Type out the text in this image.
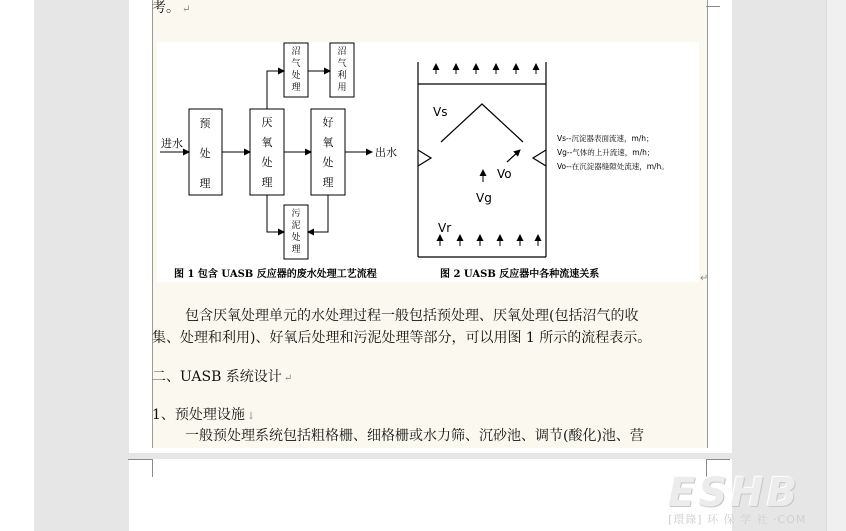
考。 ↵

进水
出水
预
处
理
厌
氧
处
理
好
氧
处
理
沼
气
处
理
沼
气
利
用
污
泥
处
理
Vs
Vo
Vg
Vr
Vs--沉淀器表面流速，m/h；
Vg--气体的上升流速，m/h；
Vo--在沉淀器缝隙处流速，m/h。
图 1 包含 UASB 反应器的废水处理工艺流程	图 2 UASB 反应器中各种流速关系	↵

包含厌氧处理单元的水处理过程一般包括预处理、厌氧处理(包括沼气的收

集、处理和利用)、好氧后处理和污泥处理等部分，可以用图 1 所示的流程表示。

二、UASB 系统设计 ↵

1、预处理设施 ↓

一般预处理系统包括粗格栅、细格栅或水力筛、沉砂池、调节(酸化)池、营

ESHB
[環錄] 环 保 学 社 ·COM
